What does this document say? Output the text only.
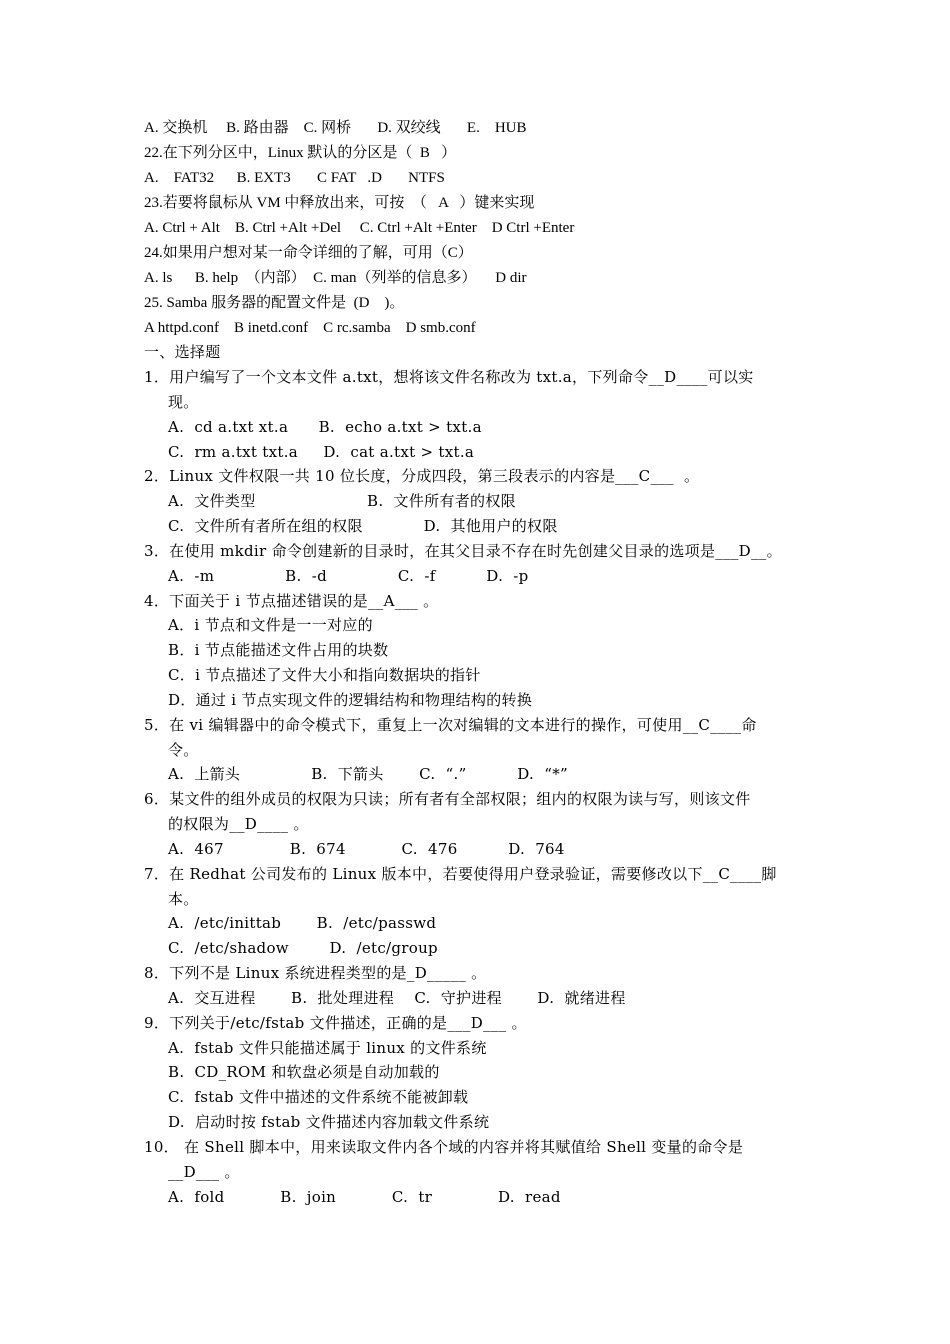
A. 交换机     B. 路由器    C. 网桥       D. 双绞线       E.    HUB
22.在下列分区中，Linux 默认的分区是（  B   ）
A.    FAT32      B. EXT3       C FAT   .D       NTFS
23.若要将鼠标从 VM 中释放出来，可按  （   A   ）键来实现
A. Ctrl + Alt    B. Ctrl +Alt +Del     C. Ctrl +Alt +Enter    D Ctrl +Enter
24.如果用户想对某一命令详细的了解，可用（C）
A. ls      B. help  （内部）  C. man（列举的信息多）     D dir
25. Samba 服务器的配置文件是  (D    )。
A httpd.conf    B inetd.conf    C rc.samba    D smb.conf
一、选择题
1．用户编写了一个文本文件 a.txt，想将该文件名称改为 txt.a，下列命令__D____可以实
现。
A.  cd a.txt xt.a      B.  echo a.txt > txt.a
C.  rm a.txt txt.a     D.  cat a.txt > txt.a
2．Linux 文件权限一共 10 位长度，分成四段，第三段表示的内容是___C___  。
A.  文件类型                      B.  文件所有者的权限
C.  文件所有者所在组的权限            D.  其他用户的权限
3．在使用 mkdir 命令创建新的目录时，在其父目录不存在时先创建父目录的选项是___D__。
A.  -m              B.  -d              C.  -f          D.  -p
4．下面关于 i 节点描述错误的是__A___ 。
A．i 节点和文件是一一对应的
B．i 节点能描述文件占用的块数
C．i 节点描述了文件大小和指向数据块的指针
D．通过 i 节点实现文件的逻辑结构和物理结构的转换
5．在 vi 编辑器中的命令模式下，重复上一次对编辑的文本进行的操作，可使用__C____命
令。
A.  上箭头              B.  下箭头       C.  “.”          D.  “*”
6．某文件的组外成员的权限为只读；所有者有全部权限；组内的权限为读与写，则该文件
的权限为__D____ 。
A.  467             B.  674           C.  476          D.  764
7．在 Redhat 公司发布的 Linux 版本中，若要使得用户登录验证，需要修改以下__C____脚
本。
A.  /etc/inittab       B.  /etc/passwd
C.  /etc/shadow        D.  /etc/group
8．下列不是 Linux 系统进程类型的是_D_____ 。
A.  交互进程       B.  批处理进程    C.  守护进程       D.  就绪进程
9．下列关于/etc/fstab 文件描述，正确的是___D___ 。
A.  fstab 文件只能描述属于 linux 的文件系统
B.  CD_ROM 和软盘必须是自动加载的
C.  fstab 文件中描述的文件系统不能被卸载
D.  启动时按 fstab 文件描述内容加载文件系统
10． 在 Shell 脚本中，用来读取文件内各个域的内容并将其赋值给 Shell 变量的命令是
__D___ 。
A.  fold           B.  join           C.  tr             D.  read
